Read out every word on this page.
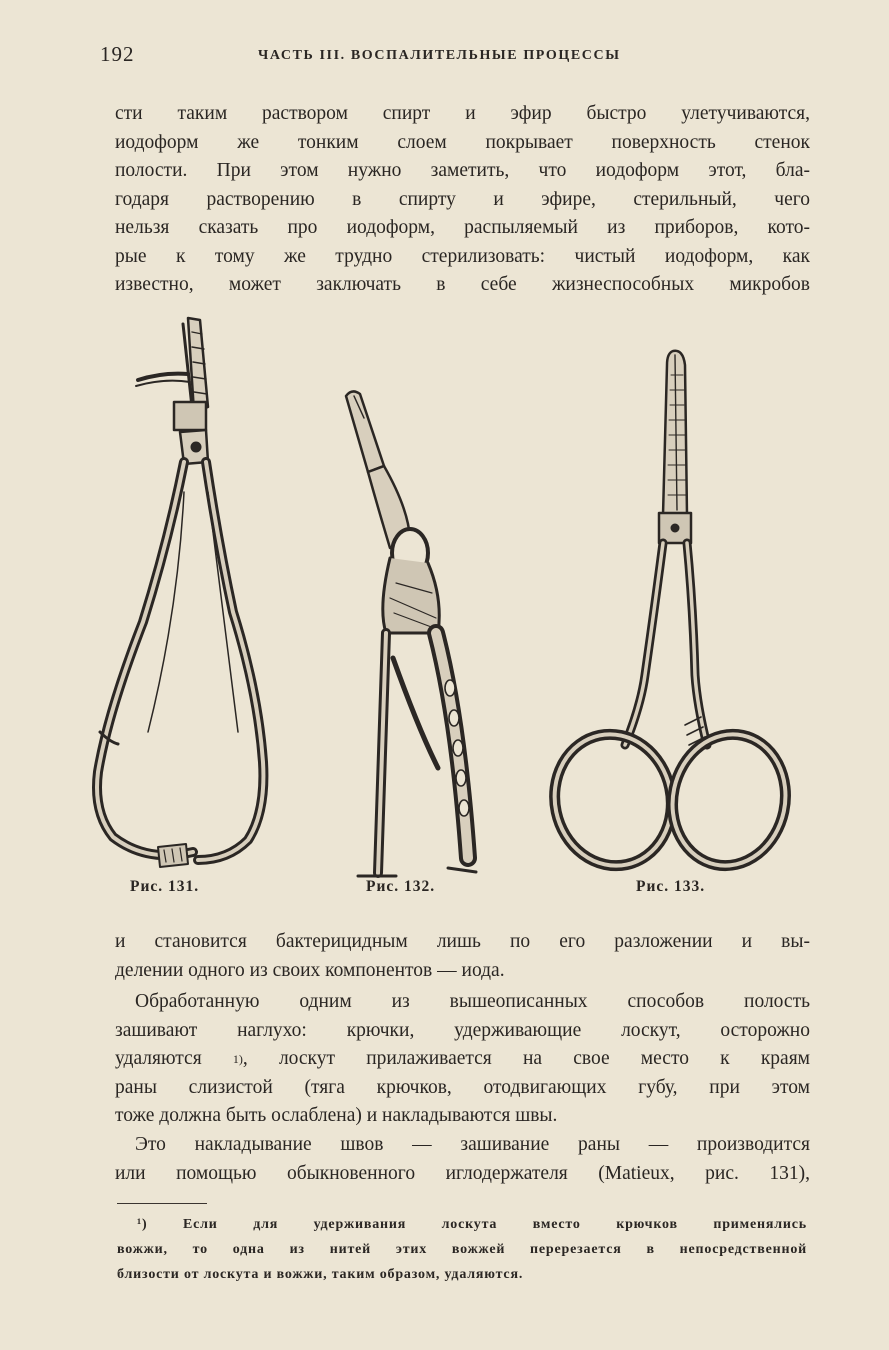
192	ЧАСТЬ III. ВОСПАЛИТЕЛЬНЫЕ ПРОЦЕССЫ
сти таким раствором спирт и эфир быстро улетучиваются,
иодоформ же тонким слоем покрывает поверхность стенок
полости. При этом нужно заметить, что иодоформ этот, бла-
годаря растворению в спирту и эфире, стерильный, чего
нельзя сказать про иодоформ, распыляемый из приборов, кото-
рые к тому же трудно стерилизовать: чистый иодоформ, как
известно, может заключать в себе жизнеспособных микробов
Рис. 131.	Рис. 132.	Рис. 133.
и становится бактерицидным лишь по его разложении и вы-
делении одного из своих компонентов — иода.
Обработанную одним из вышеописанных способов полость
зашивают наглухо: крючки, удерживающие лоскут, осторожно
удаляются	$^{1)}$, лоскут прилаживается на свое место к краям
раны слизистой (тяга крючков, отодвигающих губу, при этом
тоже должна быть ослаблена) и накладываются швы.
Это накладывание швов — зашивание раны — производится
или помощью обыкновенного иглодержателя (Matieux, рис. 131),
¹)	Если для удерживания лоскута вместо крючков применялись
вожжи, то одна из нитей этих вожжей перерезается в непосредственной
близости от лоскута и вожжи, таким образом, удаляются.
